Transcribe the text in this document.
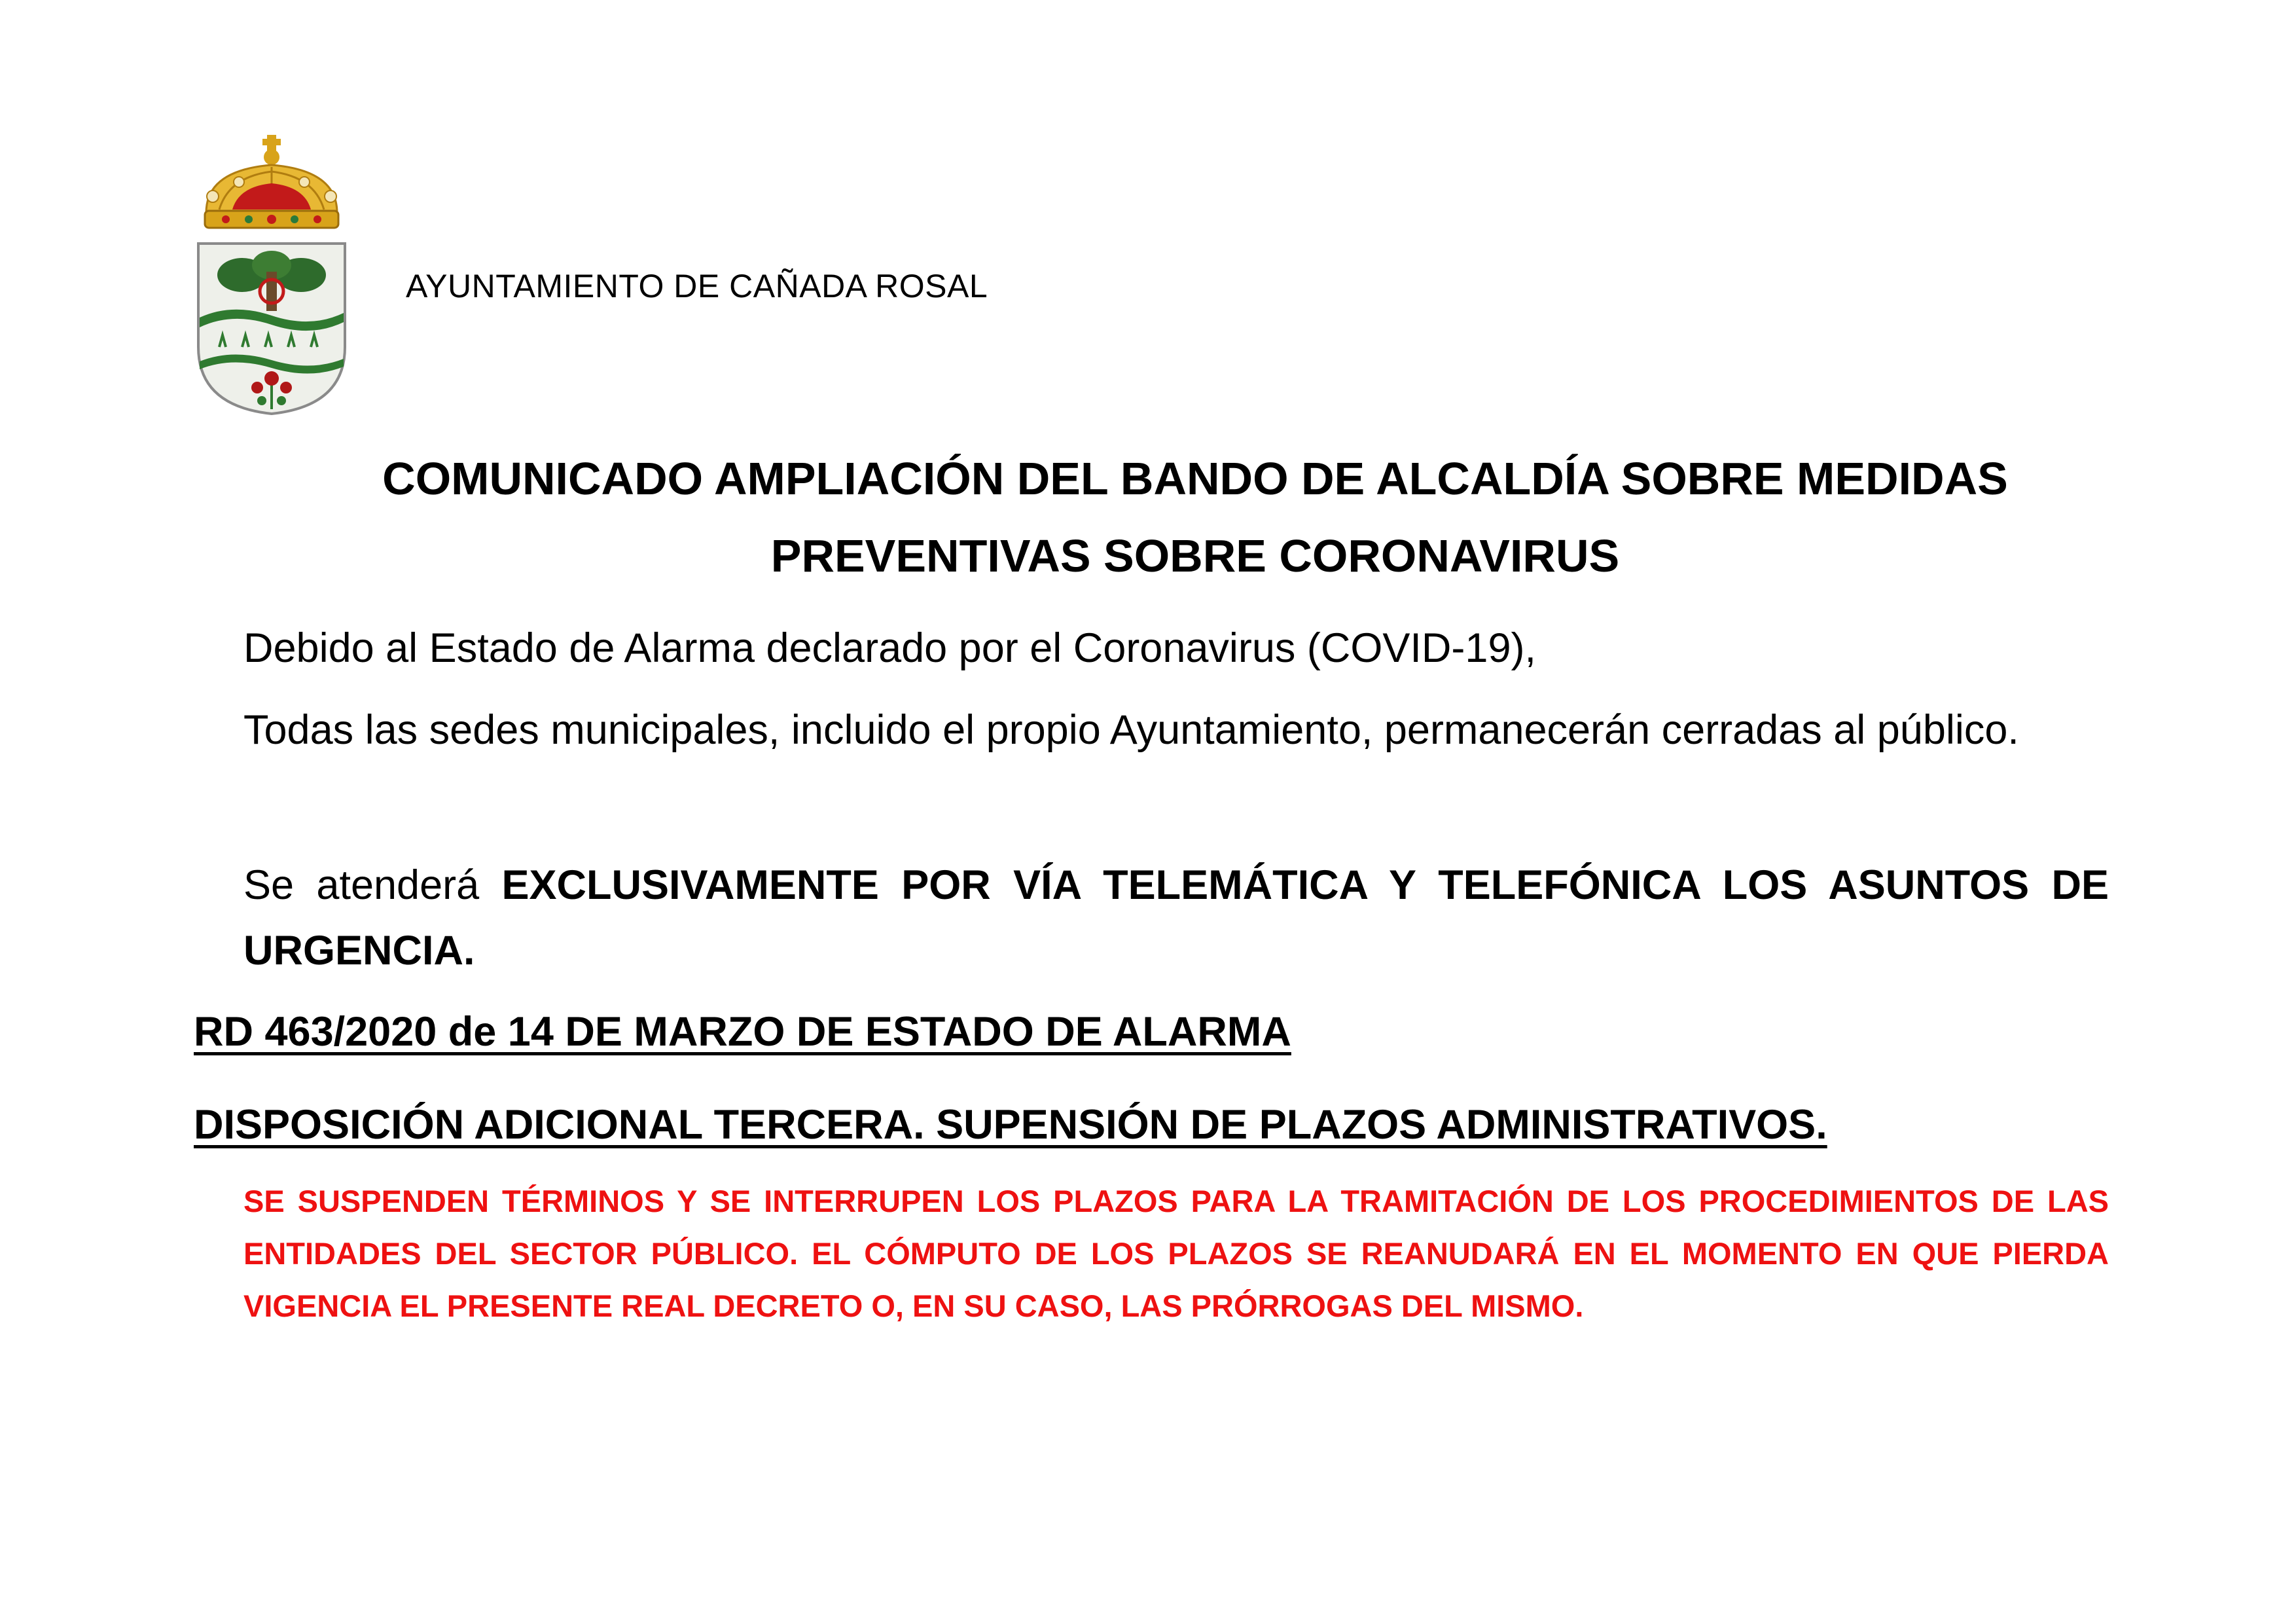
AYUNTAMIENTO DE CAÑADA ROSAL
COMUNICADO AMPLIACIÓN DEL BANDO DE ALCALDÍA SOBRE MEDIDAS
PREVENTIVAS SOBRE CORONAVIRUS
Debido al Estado de Alarma declarado por el Coronavirus (COVID-19),
Todas las sedes municipales, incluido el propio Ayuntamiento, permanecerán cerradas al público.
Se atenderá EXCLUSIVAMENTE POR VÍA TELEMÁTICA Y TELEFÓNICA LOS ASUNTOS DE URGENCIA.
RD 463/2020 de 14 DE MARZO DE ESTADO DE ALARMA
DISPOSICIÓN ADICIONAL TERCERA. SUPENSIÓN DE PLAZOS ADMINISTRATIVOS.
SE SUSPENDEN TÉRMINOS Y SE INTERRUPEN LOS PLAZOS PARA LA TRAMITACIÓN DE LOS PROCEDIMIENTOS DE LAS ENTIDADES DEL SECTOR PÚBLICO. EL CÓMPUTO DE LOS PLAZOS SE REANUDARÁ EN EL MOMENTO EN QUE PIERDA VIGENCIA EL PRESENTE REAL DECRETO O, EN SU CASO, LAS PRÓRROGAS DEL MISMO.
